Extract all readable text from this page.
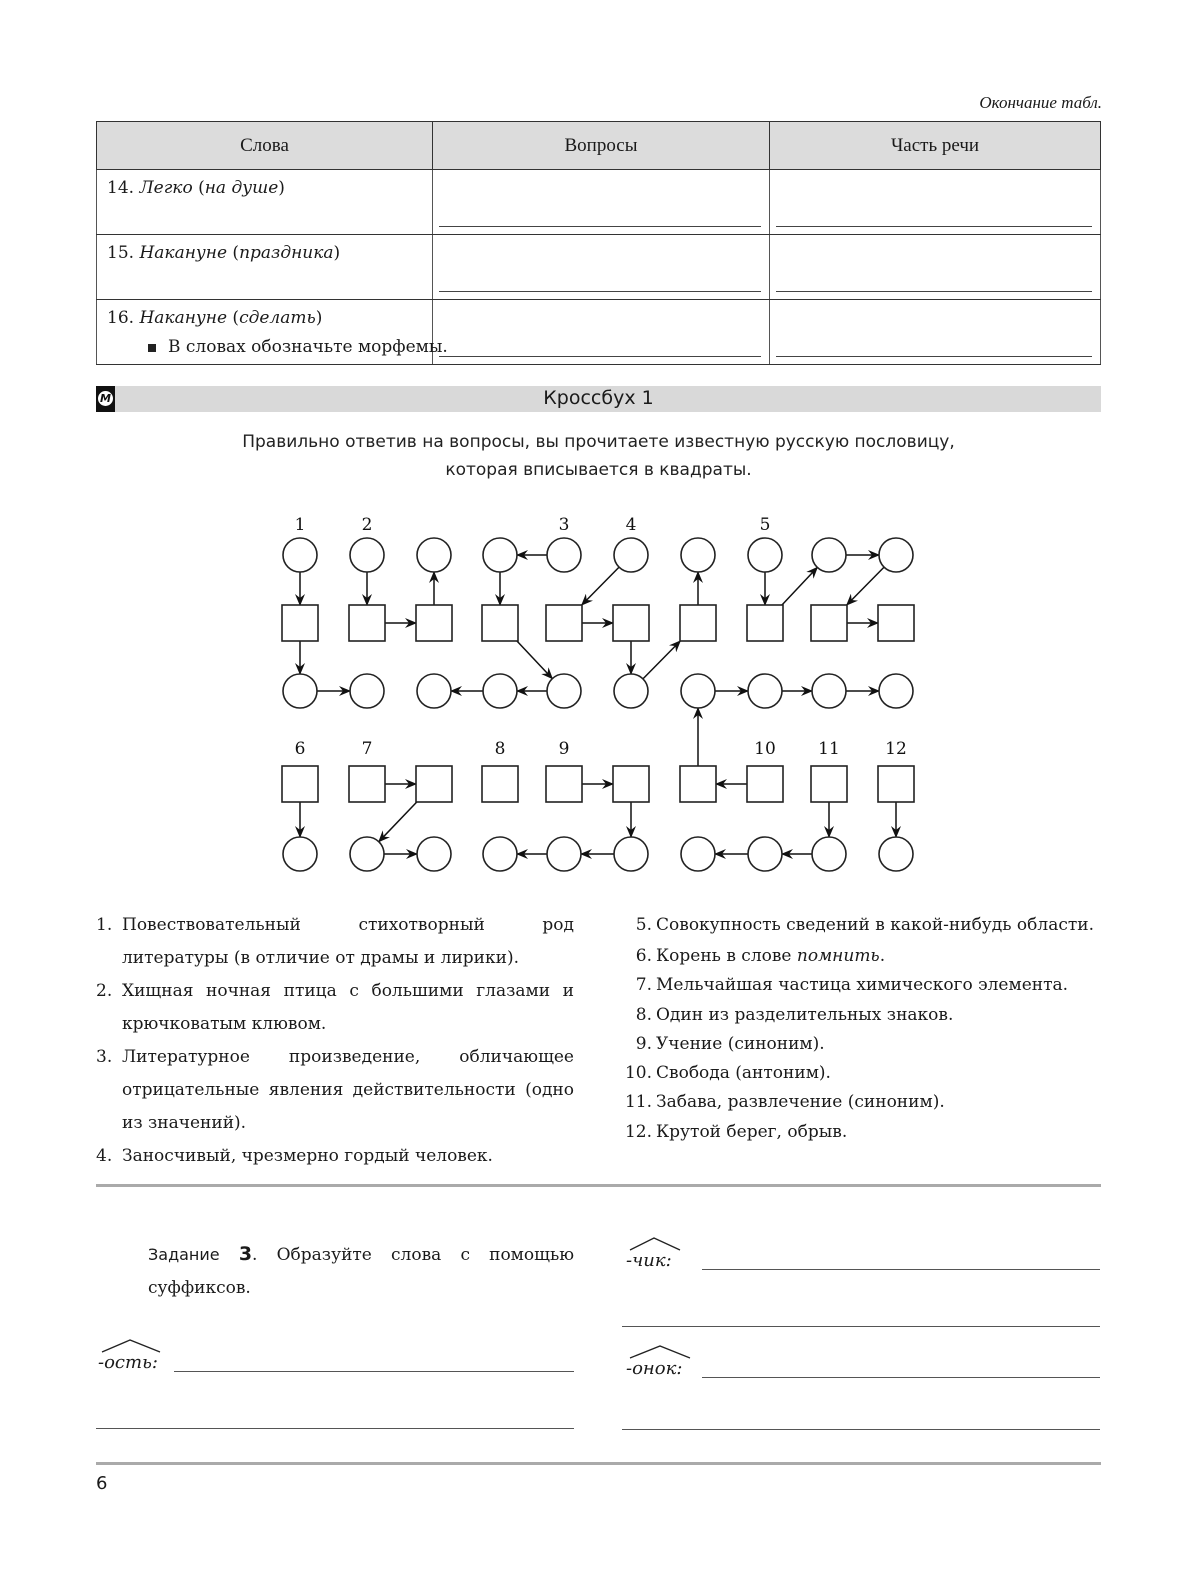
Окончание табл.
Слова	Вопросы	Часть речи
14. Легко (на душе)	

15. Накануне (праздника)	

16. Накануне (сделать)	

В словах обозначьте морфемы.
М	Кроссбух 1
Правильно ответив на вопросы, вы прочитаете известную русскую пословицу,
которая вписывается в квадраты.
1	2	3	4	5
6	7	8	9	10 11	12
1. Повествовательный стихотворный род литературы (в отличие от драмы и лирики).
2. Хищная ночная птица с большими глазами и крючковатым клювом.
3. Литературное произведение, обличающее отрицательные явления действительности (одно из значений).
4. Заносчивый, чрезмерно гордый человек.
5. Совокупность сведений в какой-нибудь области.
6. Корень в слове помнить.
7. Мельчайшая частица химического элемента.
8. Один из разделительных знаков.
9. Учение (синоним).
10. Свобода (антоним).
11. Забава, развлечение (синоним).
12. Крутой берег, обрыв.
Задание 3. Образуйте слова с помощью суффиксов.
-ость:
-чик:
-онок:
6
